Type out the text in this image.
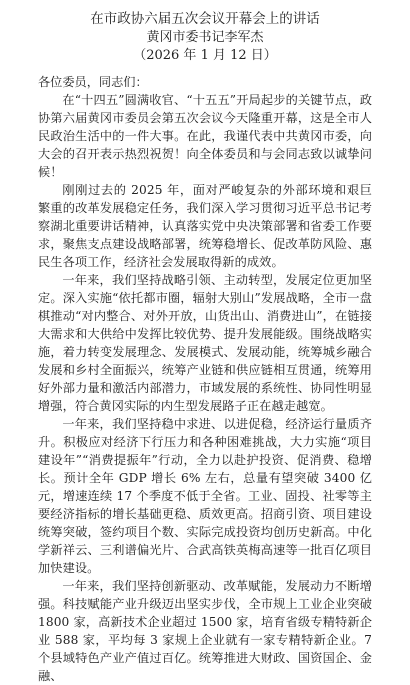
在市政协六届五次会议开幕会上的讲话

黄冈市委书记李军杰

（2026 年 1 月 12 日）

各位委员，同志们：

在“十四五”圆满收官、“十五五”开局起步的关键节点，政协第六届黄冈市委员会第五次会议今天隆重开幕，这是全市人民政治生活中的一件大事。在此，我谨代表中共黄冈市委，向大会的召开表示热烈祝贺！向全体委员和与会同志致以诚挚问候！

刚刚过去的 2025 年，面对严峻复杂的外部环境和艰巨繁重的改革发展稳定任务，我们深入学习贯彻习近平总书记考察湖北重要讲话精神，认真落实党中央决策部署和省委工作要求，聚焦支点建设战略部署，统筹稳增长、促改革防风险、惠民生各项工作，经济社会发展取得新的成效。

一年来，我们坚持战略引领、主动转型，发展定位更加坚定。深入实施“依托都市圈，辐射大别山”发展战略，全市一盘棋推动“对内整合、对外开放，山货出山、消费进山”，在链接大需求和大供给中发挥比较优势、提升发展能级。围绕战略实施，着力转变发展理念、发展模式、发展动能，统筹城乡融合发展和乡村全面振兴，统筹产业链和供应链相互贯通，统筹用好外部力量和激活内部潜力，市域发展的系统性、协同性明显增强，符合黄冈实际的内生型发展路子正在越走越宽。

一年来，我们坚持稳中求进、以进促稳，经济运行量质齐升。积极应对经济下行压力和各种困难挑战，大力实施“项目建设年”“消费提振年”行动，全力以赴护投资、促消费、稳增长。预计全年 GDP 增长 6% 左右，总量有望突破 3400 亿元，增速连续 17 个季度不低于全省。工业、固投、社零等主要经济指标的增长基础更稳、质效更高。招商引资、项目建设统筹突破，签约项目个数、实际完成投资均创历史新高。中化学新祥云、三利谱偏光片、合武高铁英梅高速等一批百亿项目加快建设。

一年来，我们坚持创新驱动、改革赋能，发展动力不断增强。科技赋能产业升级迈出坚实步伐，全市规上工业企业突破 1800 家，高新技术企业超过 1500 家，培育省级专精特新企业 588 家，平均每 3 家规上企业就有一家专精特新企业。7 个县域特色产业产值过百亿。统筹推进大财政、国资国企、金融、
